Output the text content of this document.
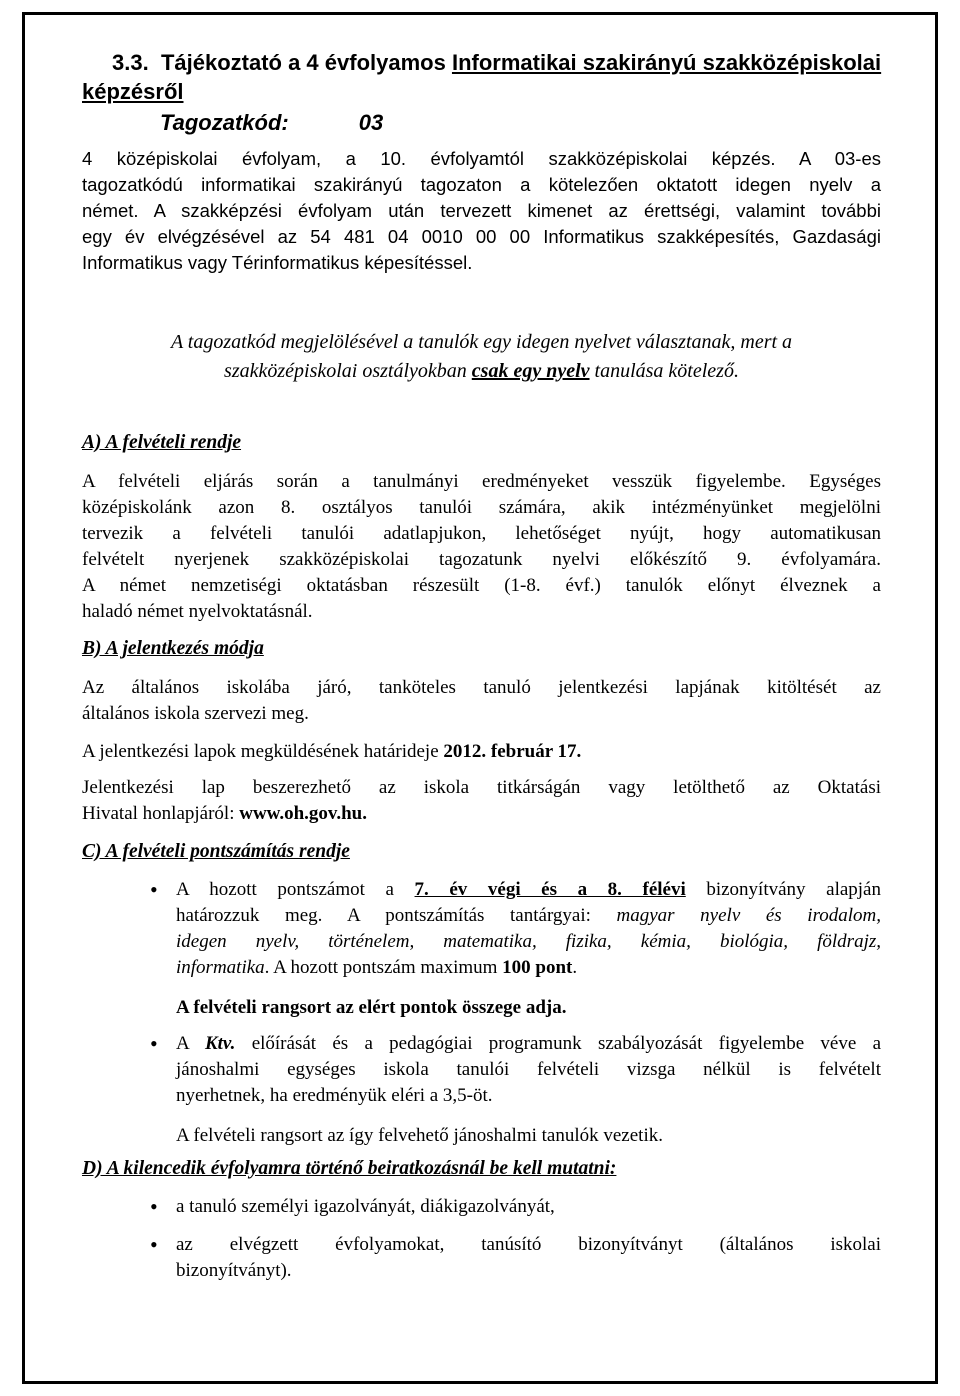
3.3. Tájékoztató a 4 évfolyamos Informatikai szakirányú szakközépiskolai
képzésről
Tagozatkód:	03
4 középiskolai évfolyam, a 10. évfolyamtól szakközépiskolai képzés. A 03-es
tagozatkódú informatikai szakirányú tagozaton a kötelezően oktatott idegen nyelv a
német. A szakképzési évfolyam után tervezett kimenet az érettségi, valamint további
egy év elvégzésével az 54 481 04 0010 00 00 Informatikus szakképesítés, Gazdasági
Informatikus vagy Térinformatikus képesítéssel.
A tagozatkód megjelölésével a tanulók egy idegen nyelvet választanak, mert a
szakközépiskolai osztályokban csak egy nyelv tanulása kötelező.
A) A felvételi rendje
A felvételi eljárás során a tanulmányi eredményeket vesszük figyelembe. Egységes
középiskolánk azon 8. osztályos tanulói számára, akik intézményünket megjelölni
tervezik a felvételi tanulói adatlapjukon, lehetőséget nyújt, hogy automatikusan
felvételt nyerjenek szakközépiskolai tagozatunk nyelvi előkészítő 9. évfolyamára.
A német nemzetiségi oktatásban részesült (1-8. évf.) tanulók előnyt élveznek a
haladó német nyelvoktatásnál.
B) A jelentkezés módja
Az általános iskolába járó, tanköteles tanuló jelentkezési lapjának kitöltését az
általános iskola szervezi meg.
A jelentkezési lapok megküldésének határideje 2012. február 17.
Jelentkezési lap beszerezhető az iskola titkárságán vagy letölthető az Oktatási
Hivatal honlapjáról: www.oh.gov.hu.
C) A felvételi pontszámítás rendje
• A hozott pontszámot a 7. év végi és a 8. félévi bizonyítvány alapján
határozzuk meg. A pontszámítás tantárgyai: magyar nyelv és irodalom,
idegen nyelv, történelem, matematika, fizika, kémia, biológia, földrajz,
informatika. A hozott pontszám maximum 100 pont.
A felvételi rangsort az elért pontok összege adja.
• A Ktv. előírását és a pedagógiai programunk szabályozását figyelembe véve a
jánoshalmi egységes iskola tanulói felvételi vizsga nélkül is felvételt
nyerhetnek, ha eredményük eléri a 3,5-öt.
A felvételi rangsort az így felvehető jánoshalmi tanulók vezetik.
D) A kilencedik évfolyamra történő beiratkozásnál be kell mutatni:
• a tanuló személyi igazolványát, diákigazolványát,
• az elvégzett évfolyamokat, tanúsító bizonyítványt (általános iskolai
bizonyítványt).
